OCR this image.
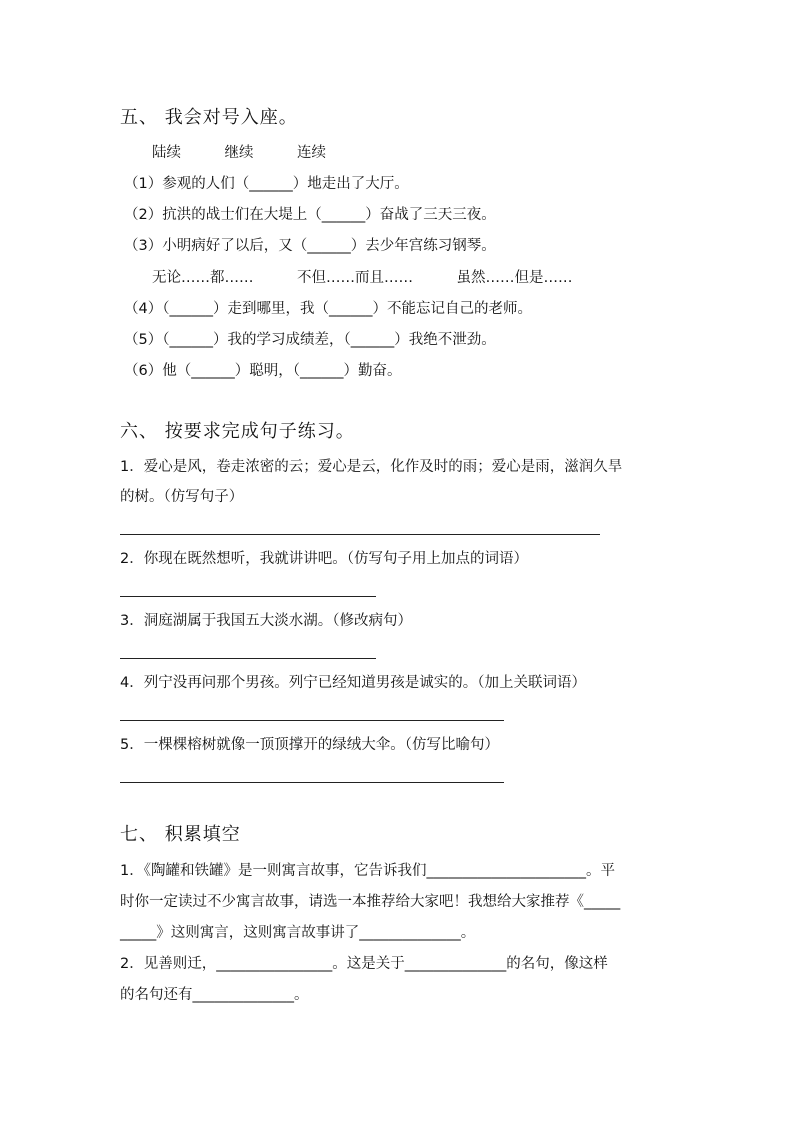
五、 我会对号入座。
陆续　　　继续　　　连续
（1）参观的人们（______）地走出了大厅。
（2）抗洪的战士们在大堤上（______）奋战了三天三夜。
（3）小明病好了以后，又（______）去少年宫练习钢琴。
无论……都……　　　不但……而且……　　　虽然……但是……
（4）（______）走到哪里，我（______）不能忘记自己的老师。
（5）（______）我的学习成绩差，（______）我绝不泄劲。
（6）他（______）聪明，（______）勤奋。
六、 按要求完成句子练习。
1．爱心是风，卷走浓密的云；爱心是云，化作及时的雨；爱心是雨，滋润久旱
的树。（仿写句子）
2．你现在既然想听，我就讲讲吧。（仿写句子用上加点的词语）
3．洞庭湖属于我国五大淡水湖。（修改病句）
4．列宁没再问那个男孩。列宁已经知道男孩是诚实的。（加上关联词语）
5．一棵棵榕树就像一顶顶撑开的绿绒大伞。（仿写比喻句）
七、 积累填空
1．《陶罐和铁罐》是一则寓言故事，它告诉我们______________________。平
时你一定读过不少寓言故事，请选一本推荐给大家吧！我想给大家推荐《_____
_____》这则寓言，这则寓言故事讲了______________。
2．见善则迁，________________。这是关于______________的名句，像这样
的名句还有______________。
